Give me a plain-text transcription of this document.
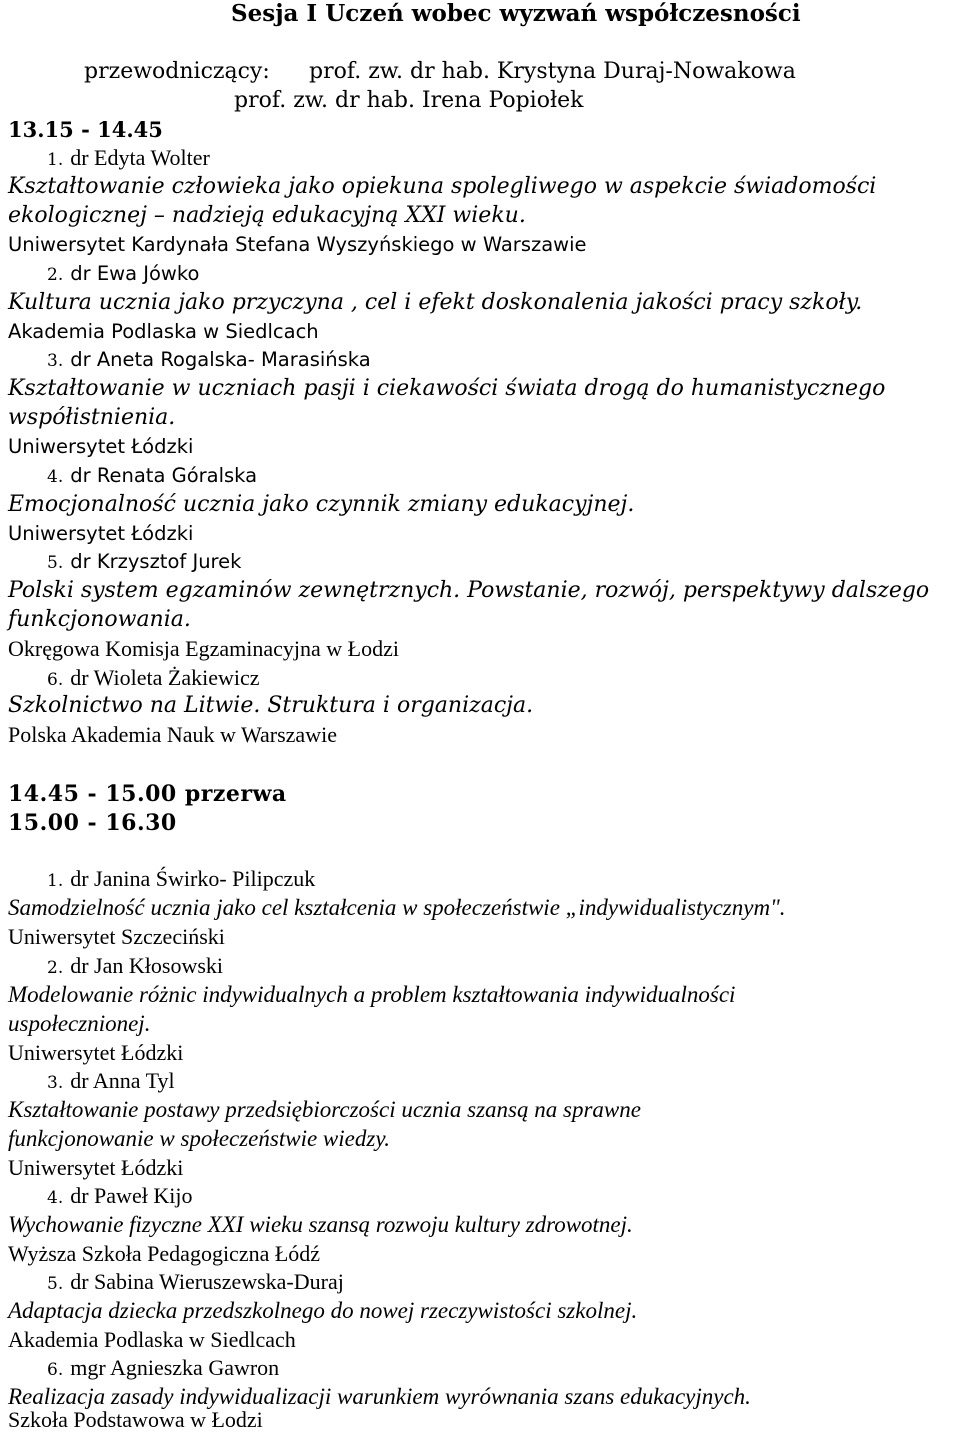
Sesja I Uczeń wobec wyzwań współczesności
przewodniczący: prof. zw. dr hab. Krystyna Duraj-Nowakowa
prof. zw. dr hab. Irena Popiołek
13.15 - 14.45
1. dr Edyta Wolter
Kształtowanie człowieka jako opiekuna spolegliwego w aspekcie świadomości
ekologicznej – nadzieją edukacyjną XXI wieku.
Uniwersytet Kardynała Stefana Wyszyńskiego w Warszawie
2. dr Ewa Jówko
Kultura ucznia jako przyczyna , cel i efekt doskonalenia jakości pracy szkoły.
Akademia Podlaska w Siedlcach
3. dr Aneta Rogalska- Marasińska
Kształtowanie w uczniach pasji i ciekawości świata drogą do humanistycznego
współistnienia.
Uniwersytet Łódzki
4. dr Renata Góralska
Emocjonalność ucznia jako czynnik zmiany edukacyjnej.
Uniwersytet Łódzki
5. dr Krzysztof Jurek
Polski system egzaminów zewnętrznych. Powstanie, rozwój, perspektywy dalszego
funkcjonowania.
Okręgowa Komisja Egzaminacyjna w Łodzi
6. dr Wioleta Żakiewicz
Szkolnictwo na Litwie. Struktura i organizacja.
Polska Akademia Nauk w Warszawie
14.45 - 15.00 przerwa
15.00 - 16.30
1. dr Janina Świrko- Pilipczuk
Samodzielność ucznia jako cel kształcenia w społeczeństwie „indywidualistycznym".
Uniwersytet Szczeciński
2. dr Jan Kłosowski
Modelowanie różnic indywidualnych a problem kształtowania indywidualności
uspołecznionej.
Uniwersytet Łódzki
3. dr Anna Tyl
Kształtowanie postawy przedsiębiorczości ucznia szansą na sprawne
funkcjonowanie w społeczeństwie wiedzy.
Uniwersytet Łódzki
4. dr Paweł Kijo
Wychowanie fizyczne XXI wieku szansą rozwoju kultury zdrowotnej.
Wyższa Szkoła Pedagogiczna Łódź
5. dr Sabina Wieruszewska-Duraj
Adaptacja dziecka przedszkolnego do nowej rzeczywistości szkolnej.
Akademia Podlaska w Siedlcach
6. mgr Agnieszka Gawron
Realizacja zasady indywidualizacji warunkiem wyrównania szans edukacyjnych.
Szkoła Podstawowa w Łodzi
